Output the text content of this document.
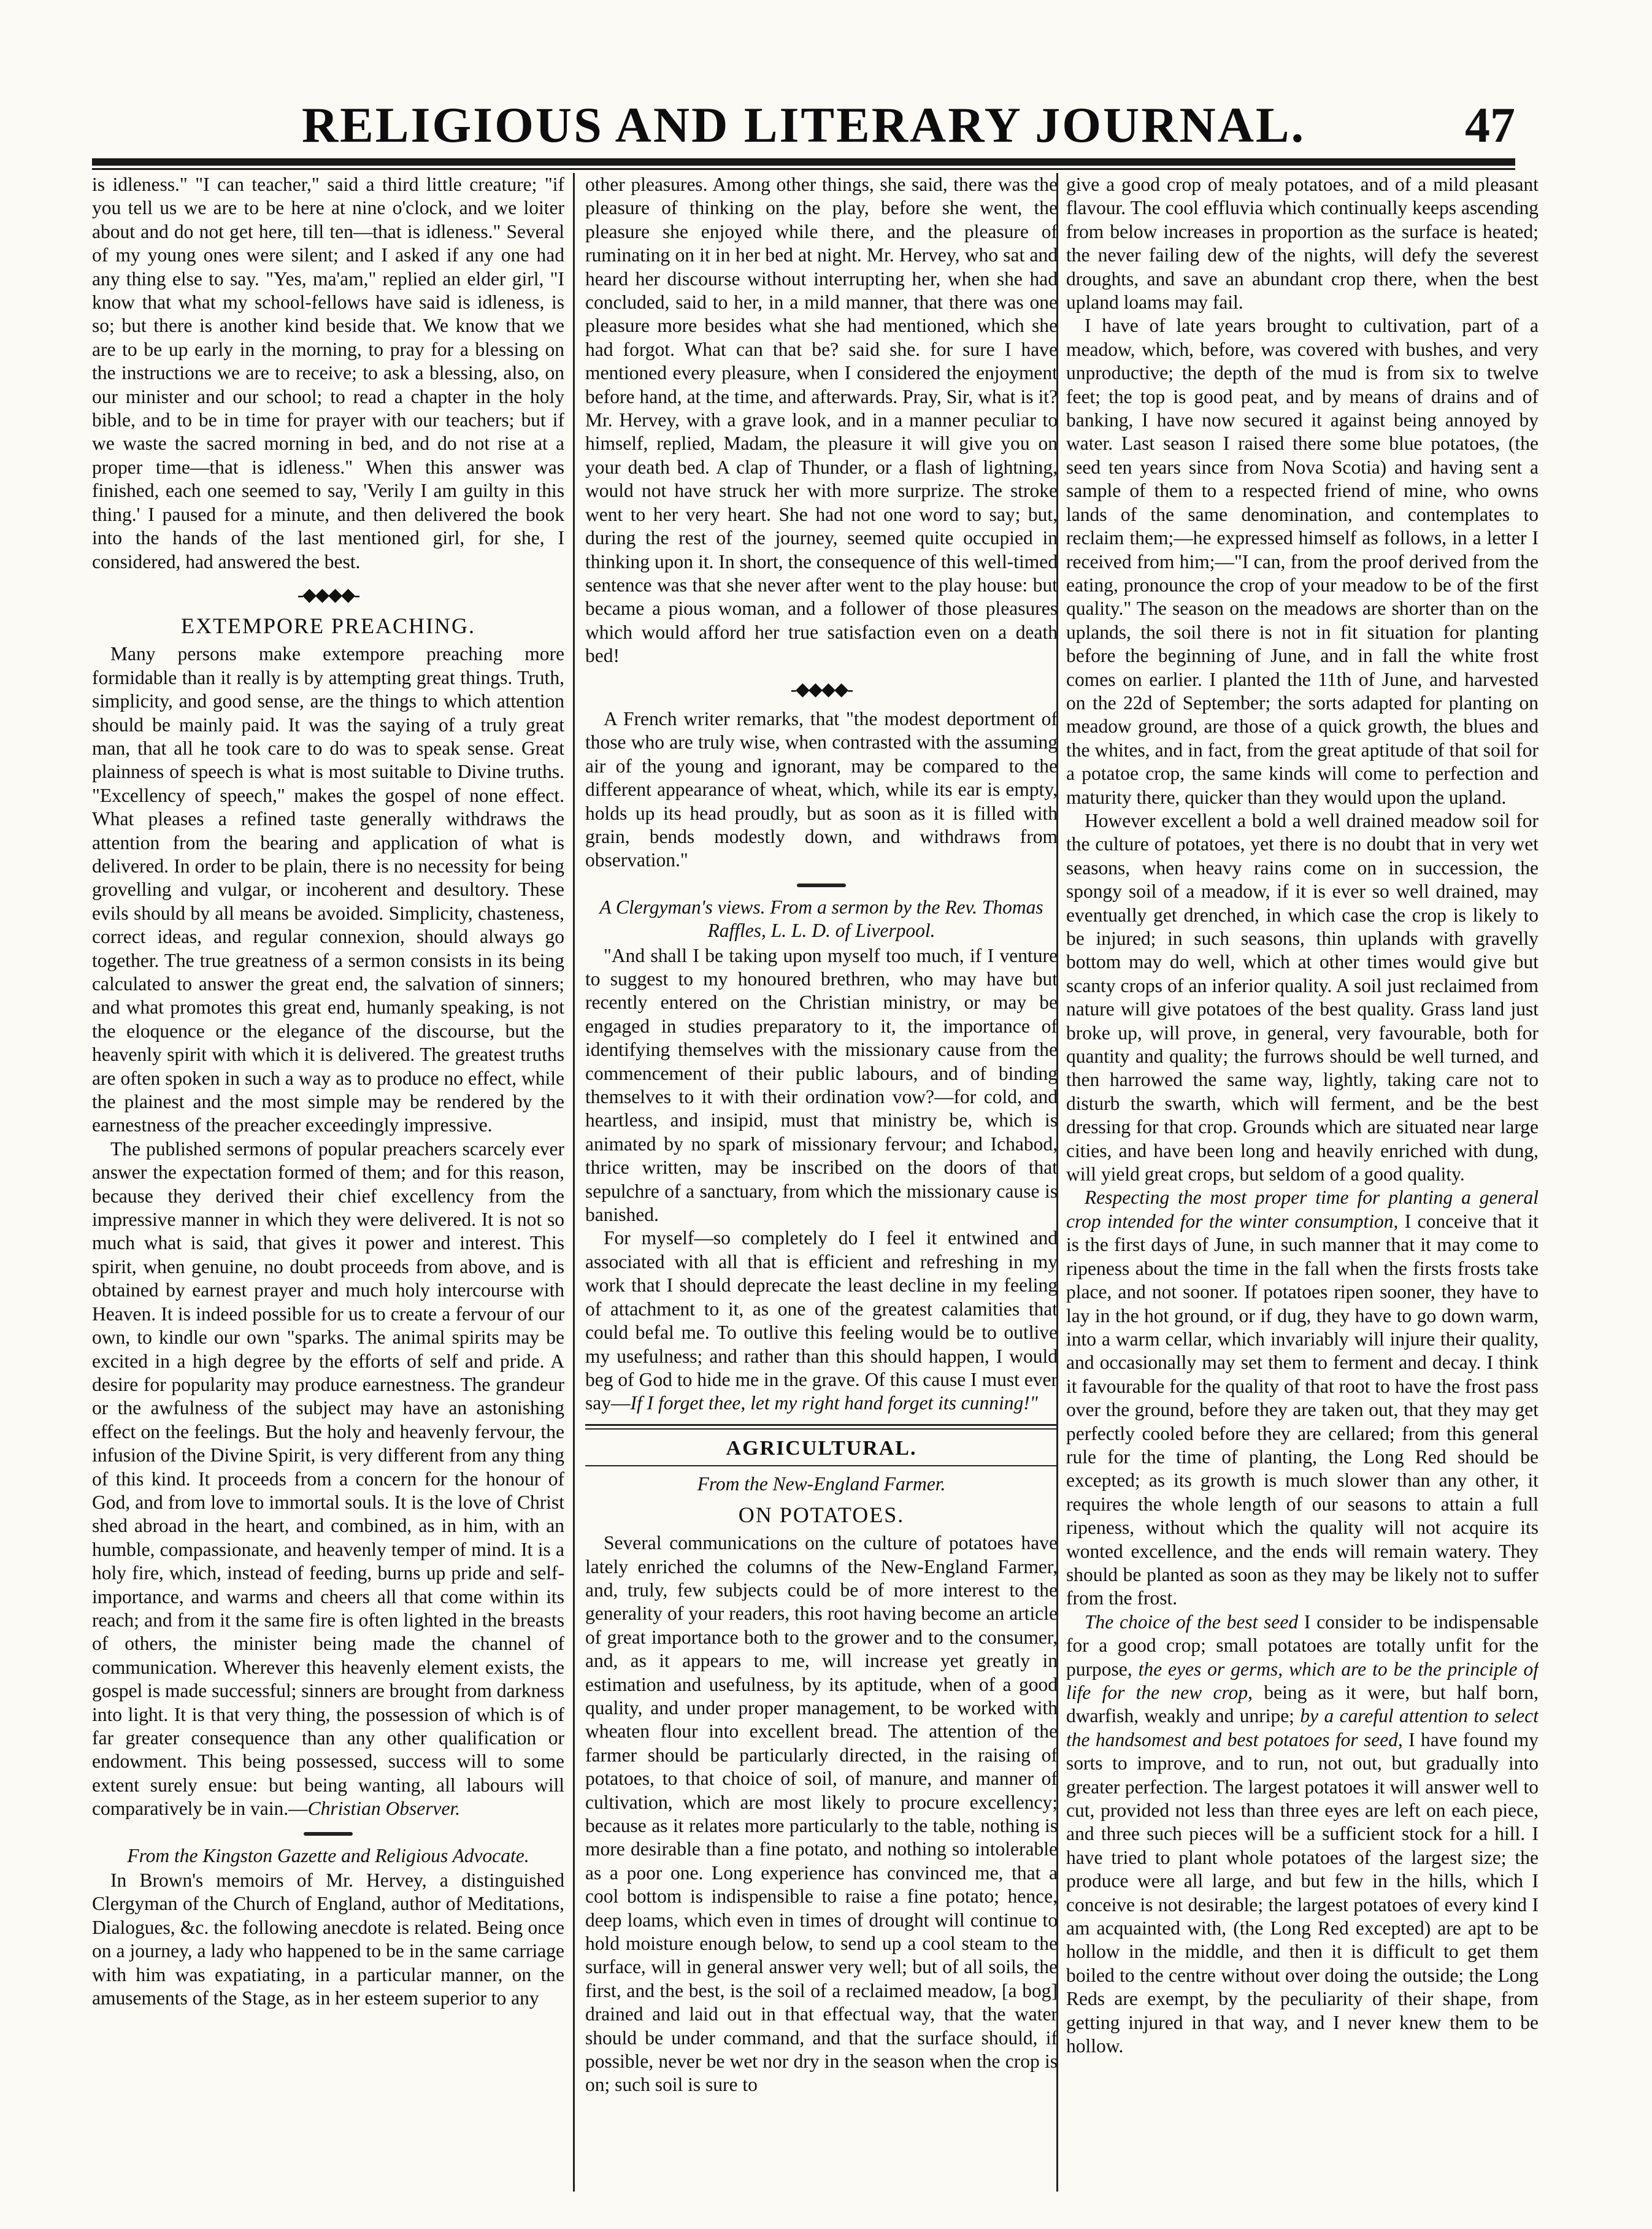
RELIGIOUS AND LITERARY JOURNAL.	47

is idleness." "I can teacher," said a third little creature; "if you tell us we are to be here at nine o'clock, and we loiter about and do not get here, till ten—that is idleness." Several of my young ones were silent; and I asked if any one had any thing else to say. "Yes, ma'am," replied an elder girl, "I know that what my school-fellows have said is idleness, is so; but there is another kind beside that. We know that we are to be up early in the morning, to pray for a blessing on the instructions we are to receive; to ask a blessing, also, on our minister and our school; to read a chapter in the holy bible, and to be in time for prayer with our teachers; but if we waste the sacred morning in bed, and do not rise at a proper time—that is idleness." When this answer was finished, each one seemed to say, 'Verily I am guilty in this thing.' I paused for a minute, and then delivered the book into the hands of the last mentioned girl, for she, I considered, had answered the best.

-◆◆◆◆-
EXTEMPORE PREACHING.

Many persons make extempore preaching more formidable than it really is by attempting great things. Truth, simplicity, and good sense, are the things to which attention should be mainly paid. It was the saying of a truly great man, that all he took care to do was to speak sense. Great plainness of speech is what is most suitable to Divine truths. "Excellency of speech," makes the gospel of none effect. What pleases a refined taste generally withdraws the attention from the bearing and application of what is delivered. In order to be plain, there is no necessity for being grovelling and vulgar, or incoherent and desultory. These evils should by all means be avoided. Simplicity, chasteness, correct ideas, and regular connexion, should always go together. The true greatness of a sermon consists in its being calculated to answer the great end, the salvation of sinners; and what promotes this great end, humanly speaking, is not the eloquence or the elegance of the discourse, but the heavenly spirit with which it is delivered. The greatest truths are often spoken in such a way as to produce no effect, while the plainest and the most simple may be rendered by the earnestness of the preacher exceedingly impressive.

The published sermons of popular preachers scarcely ever answer the expectation formed of them; and for this reason, because they derived their chief excellency from the impressive manner in which they were delivered. It is not so much what is said, that gives it power and interest. This spirit, when genuine, no doubt proceeds from above, and is obtained by earnest prayer and much holy intercourse with Heaven. It is indeed possible for us to create a fervour of our own, to kindle our own "sparks. The animal spirits may be excited in a high degree by the efforts of self and pride. A desire for popularity may produce earnestness. The grandeur or the awfulness of the subject may have an astonishing effect on the feelings. But the holy and heavenly fervour, the infusion of the Divine Spirit, is very different from any thing of this kind. It proceeds from a concern for the honour of God, and from love to immortal souls. It is the love of Christ shed abroad in the heart, and combined, as in him, with an humble, compassionate, and heavenly temper of mind. It is a holy fire, which, instead of feeding, burns up pride and self-importance, and warms and cheers all that come within its reach; and from it the same fire is often lighted in the breasts of others, the minister being made the channel of communication. Wherever this heavenly element exists, the gospel is made successful; sinners are brought from darkness into light. It is that very thing, the possession of which is of far greater consequence than any other qualification or endowment. This being possessed, success will to some extent surely ensue: but being wanting, all labours will comparatively be in vain.—Christian Observer.

From the Kingston Gazette and Religious Advocate.

In Brown's memoirs of Mr. Hervey, a distinguished Clergyman of the Church of England, author of Meditations, Dialogues, &c. the following anecdote is related. Being once on a journey, a lady who happened to be in the same carriage with him was expatiating, in a particular manner, on the amusements of the Stage, as in her esteem superior to any

other pleasures. Among other things, she said, there was the pleasure of thinking on the play, before she went, the pleasure she enjoyed while there, and the pleasure of ruminating on it in her bed at night. Mr. Hervey, who sat and heard her discourse without interrupting her, when she had concluded, said to her, in a mild manner, that there was one pleasure more besides what she had mentioned, which she had forgot. What can that be? said she. for sure I have mentioned every pleasure, when I considered the enjoyment before hand, at the time, and afterwards. Pray, Sir, what is it? Mr. Hervey, with a grave look, and in a manner peculiar to himself, replied, Madam, the pleasure it will give you on your death bed. A clap of Thunder, or a flash of lightning, would not have struck her with more surprize. The stroke went to her very heart. She had not one word to say; but, during the rest of the journey, seemed quite occupied in thinking upon it. In short, the consequence of this well-timed sentence was that she never after went to the play house: but became a pious woman, and a follower of those pleasures which would afford her true satisfaction even on a death bed!

-◆◆◆◆-

A French writer remarks, that "the modest deportment of those who are truly wise, when contrasted with the assuming air of the young and ignorant, may be compared to the different appearance of wheat, which, while its ear is empty, holds up its head proudly, but as soon as it is filled with grain, bends modestly down, and withdraws from observation."

A Clergyman's views. From a sermon by the Rev. Thomas Raffles, L. L. D. of Liverpool.

"And shall I be taking upon myself too much, if I venture to suggest to my honoured brethren, who may have but recently entered on the Christian ministry, or may be engaged in studies preparatory to it, the importance of identifying themselves with the missionary cause from the commencement of their public labours, and of binding themselves to it with their ordination vow?—for cold, and heartless, and insipid, must that ministry be, which is animated by no spark of missionary fervour; and Ichabod, thrice written, may be inscribed on the doors of that sepulchre of a sanctuary, from which the missionary cause is banished.

For myself—so completely do I feel it entwined and associated with all that is efficient and refreshing in my work that I should deprecate the least decline in my feeling of attachment to it, as one of the greatest calamities that could befal me. To outlive this feeling would be to outlive my usefulness; and rather than this should happen, I would beg of God to hide me in the grave. Of this cause I must ever say—If I forget thee, let my right hand forget its cunning!"

AGRICULTURAL.
From the New-England Farmer.
ON POTATOES.

Several communications on the culture of potatoes have lately enriched the columns of the New-England Farmer, and, truly, few subjects could be of more interest to the generality of your readers, this root having become an article of great importance both to the grower and to the consumer, and, as it appears to me, will increase yet greatly in estimation and usefulness, by its aptitude, when of a good quality, and under proper management, to be worked with wheaten flour into excellent bread. The attention of the farmer should be particularly directed, in the raising of potatoes, to that choice of soil, of manure, and manner of cultivation, which are most likely to procure excellency; because as it relates more particularly to the table, nothing is more desirable than a fine potato, and nothing so intolerable as a poor one. Long experience has convinced me, that a cool bottom is indispensible to raise a fine potato; hence, deep loams, which even in times of drought will continue to hold moisture enough below, to send up a cool steam to the surface, will in general answer very well; but of all soils, the first, and the best, is the soil of a reclaimed meadow, [a bog] drained and laid out in that effectual way, that the water should be under command, and that the surface should, if possible, never be wet nor dry in the season when the crop is on; such soil is sure to

give a good crop of mealy potatoes, and of a mild pleasant flavour. The cool effluvia which continually keeps ascending from below increases in proportion as the surface is heated; the never failing dew of the nights, will defy the severest droughts, and save an abundant crop there, when the best upland loams may fail.

I have of late years brought to cultivation, part of a meadow, which, before, was covered with bushes, and very unproductive; the depth of the mud is from six to twelve feet; the top is good peat, and by means of drains and of banking, I have now secured it against being annoyed by water. Last season I raised there some blue potatoes, (the seed ten years since from Nova Scotia) and having sent a sample of them to a respected friend of mine, who owns lands of the same denomination, and contemplates to reclaim them;—he expressed himself as follows, in a letter I received from him;—"I can, from the proof derived from the eating, pronounce the crop of your meadow to be of the first quality." The season on the meadows are shorter than on the uplands, the soil there is not in fit situation for planting before the beginning of June, and in fall the white frost comes on earlier. I planted the 11th of June, and harvested on the 22d of September; the sorts adapted for planting on meadow ground, are those of a quick growth, the blues and the whites, and in fact, from the great aptitude of that soil for a potatoe crop, the same kinds will come to perfection and maturity there, quicker than they would upon the upland.

However excellent a bold a well drained meadow soil for the culture of potatoes, yet there is no doubt that in very wet seasons, when heavy rains come on in succession, the spongy soil of a meadow, if it is ever so well drained, may eventually get drenched, in which case the crop is likely to be injured; in such seasons, thin uplands with gravelly bottom may do well, which at other times would give but scanty crops of an inferior quality. A soil just reclaimed from nature will give potatoes of the best quality. Grass land just broke up, will prove, in general, very favourable, both for quantity and quality; the furrows should be well turned, and then harrowed the same way, lightly, taking care not to disturb the swarth, which will ferment, and be the best dressing for that crop. Grounds which are situated near large cities, and have been long and heavily enriched with dung, will yield great crops, but seldom of a good quality.

Respecting the most proper time for planting a general crop intended for the winter consumption, I conceive that it is the first days of June, in such manner that it may come to ripeness about the time in the fall when the firsts frosts take place, and not sooner. If potatoes ripen sooner, they have to lay in the hot ground, or if dug, they have to go down warm, into a warm cellar, which invariably will injure their quality, and occasionally may set them to ferment and decay. I think it favourable for the quality of that root to have the frost pass over the ground, before they are taken out, that they may get perfectly cooled before they are cellared; from this general rule for the time of planting, the Long Red should be excepted; as its growth is much slower than any other, it requires the whole length of our seasons to attain a full ripeness, without which the quality will not acquire its wonted excellence, and the ends will remain watery. They should be planted as soon as they may be likely not to suffer from the frost.

The choice of the best seed I consider to be indispensable for a good crop; small potatoes are totally unfit for the purpose, the eyes or germs, which are to be the principle of life for the new crop, being as it were, but half born, dwarfish, weakly and unripe; by a careful attention to select the handsomest and best potatoes for seed, I have found my sorts to improve, and to run, not out, but gradually into greater perfection. The largest potatoes it will answer well to cut, provided not less than three eyes are left on each piece, and three such pieces will be a sufficient stock for a hill. I have tried to plant whole potatoes of the largest size; the produce were all large, and but few in the hills, which I conceive is not desirable; the largest potatoes of every kind I am acquainted with, (the Long Red excepted) are apt to be hollow in the middle, and then it is difficult to get them boiled to the centre without over doing the outside; the Long Reds are exempt, by the peculiarity of their shape, from getting injured in that way, and I never knew them to be hollow.
